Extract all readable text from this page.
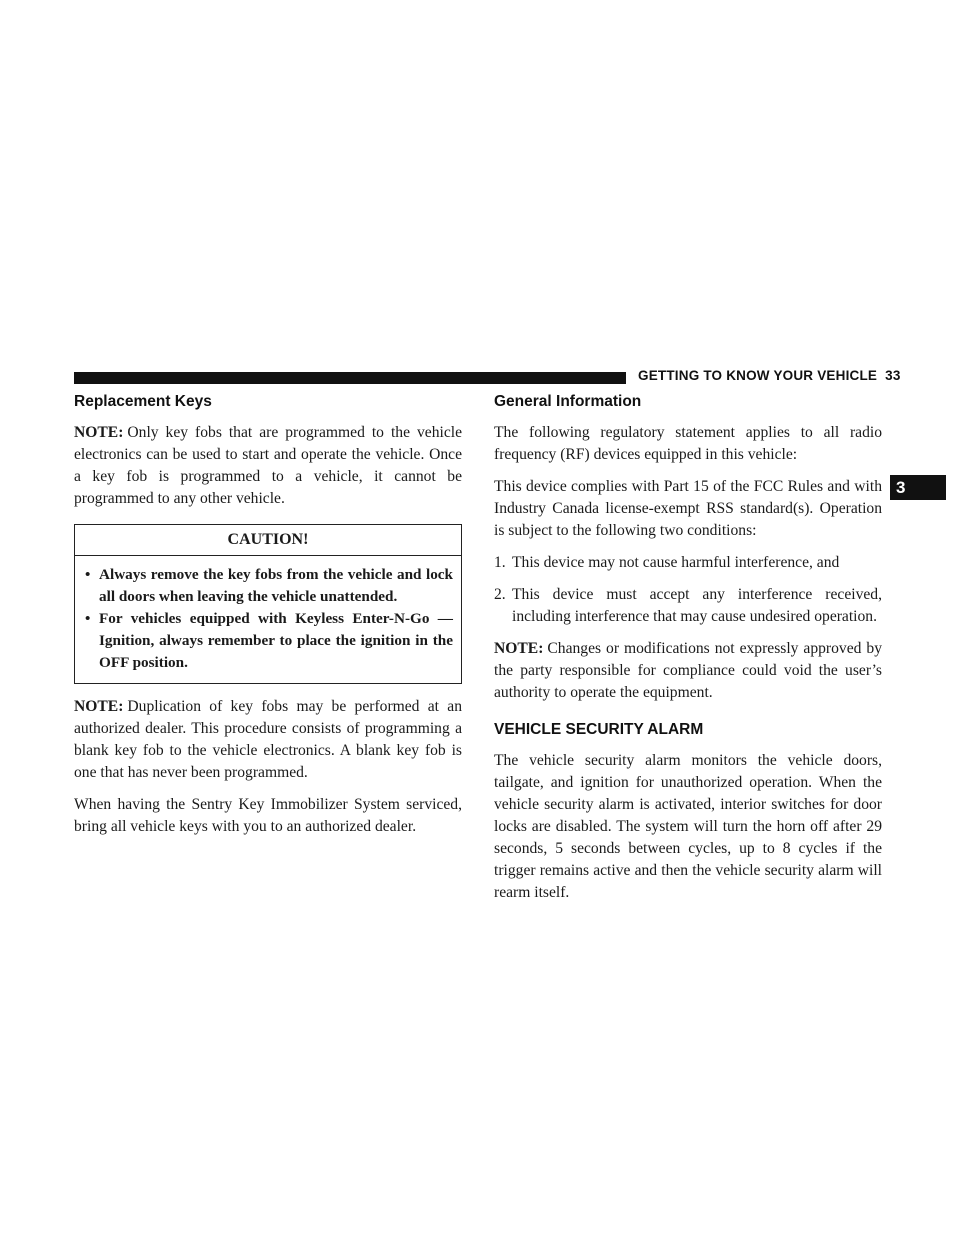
GETTING TO KNOW YOUR VEHICLE 33
3
Replacement Keys

NOTE: Only key fobs that are programmed to the vehicle electronics can be used to start and operate the vehicle. Once a key fob is programmed to a vehicle, it cannot be programmed to any other vehicle.

CAUTION!
• Always remove the key fobs from the vehicle and lock all doors when leaving the vehicle unattended.
• For vehicles equipped with Keyless Enter-N-Go — Ignition, always remember to place the ignition in the OFF position.

NOTE: Duplication of key fobs may be performed at an authorized dealer. This procedure consists of programming a blank key fob to the vehicle electronics. A blank key fob is one that has never been programmed.

When having the Sentry Key Immobilizer System serviced, bring all vehicle keys with you to an authorized dealer.

General Information

The following regulatory statement applies to all radio frequency (RF) devices equipped in this vehicle:

This device complies with Part 15 of the FCC Rules and with Industry Canada license-exempt RSS standard(s). Operation is subject to the following two conditions:

1. This device may not cause harmful interference, and
2. This device must accept any interference received, including interference that may cause undesired operation.

NOTE: Changes or modifications not expressly approved by the party responsible for compliance could void the user’s authority to operate the equipment.

VEHICLE SECURITY ALARM

The vehicle security alarm monitors the vehicle doors, tailgate, and ignition for unauthorized operation. When the vehicle security alarm is activated, interior switches for door locks are disabled. The system will turn the horn off after 29 seconds, 5 seconds between cycles, up to 8 cycles if the trigger remains active and then the vehicle security alarm will rearm itself.
